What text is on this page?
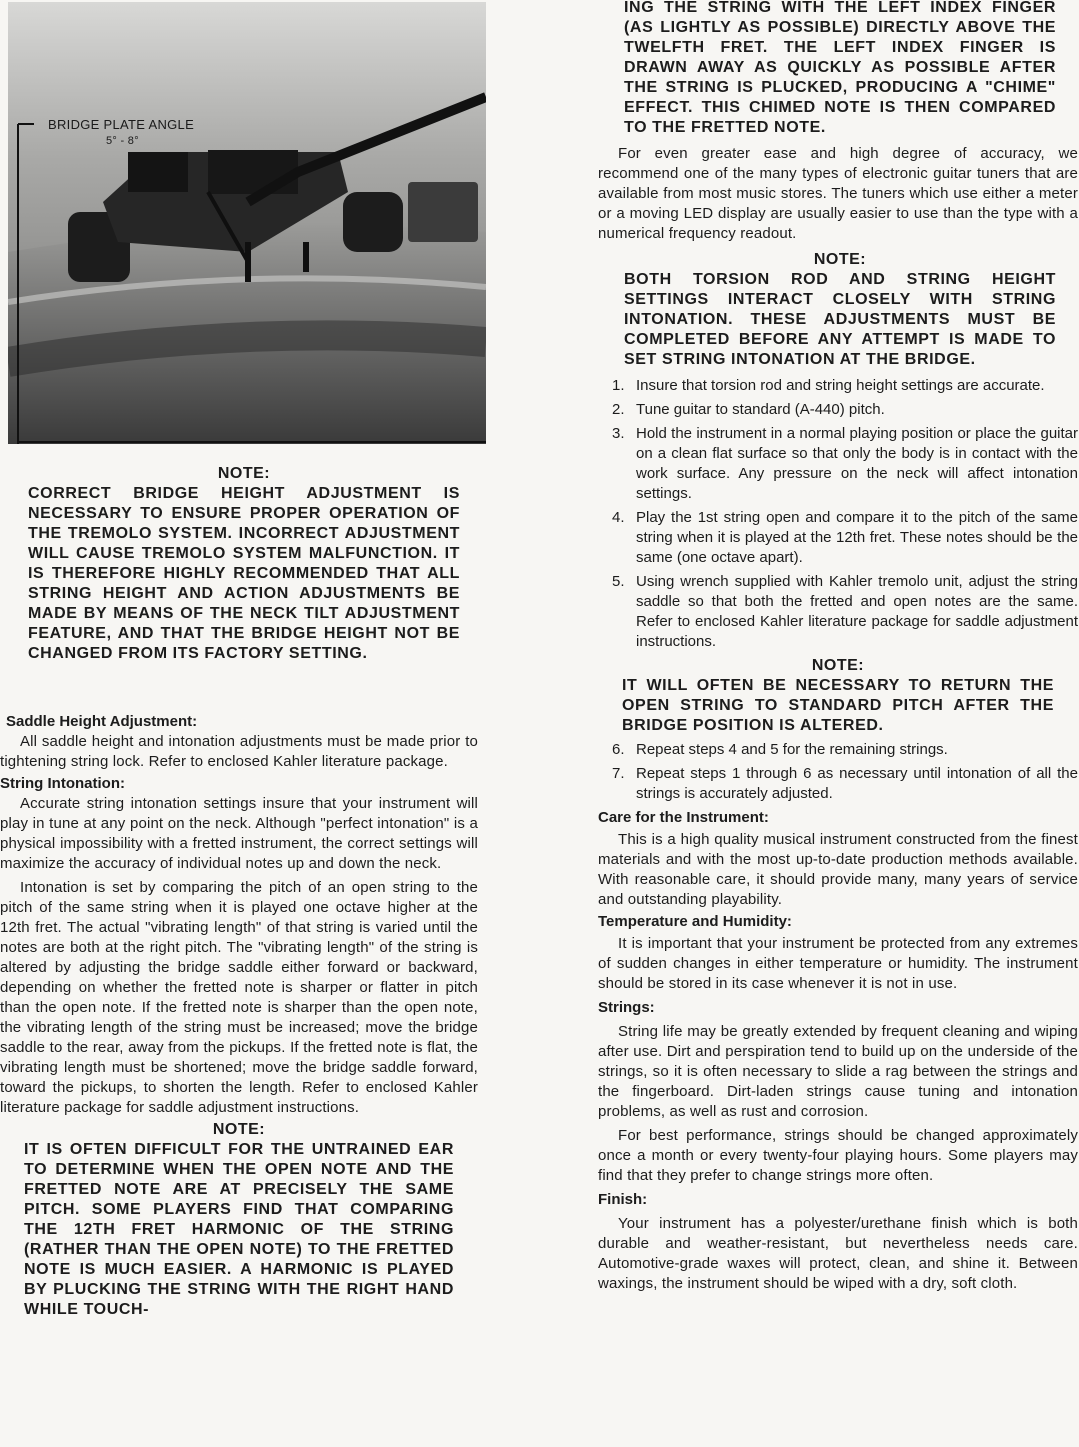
BRIDGE PLATE ANGLE
5° - 8°
NOTE:
CORRECT BRIDGE HEIGHT ADJUSTMENT IS NECESSARY TO ENSURE PROPER OPERATION OF THE TREMOLO SYSTEM. INCORRECT ADJUSTMENT WILL CAUSE TREMOLO SYSTEM MALFUNCTION. IT IS THEREFORE HIGHLY RECOMMENDED THAT ALL STRING HEIGHT AND ACTION ADJUSTMENTS BE MADE BY MEANS OF THE NECK TILT ADJUSTMENT FEATURE, AND THAT THE BRIDGE HEIGHT NOT BE CHANGED FROM ITS FACTORY SETTING.
Saddle Height Adjustment:

All saddle height and intonation adjustments must be made prior to tightening string lock. Refer to enclosed Kahler literature package.

String Intonation:

Accurate string intonation settings insure that your instrument will play in tune at any point on the neck. Although "perfect intonation" is a physical impossibility with a fretted instrument, the correct settings will maximize the accuracy of individual notes up and down the neck.

Intonation is set by comparing the pitch of an open string to the pitch of the same string when it is played one octave higher at the 12th fret. The actual "vibrating length" of that string is varied until the notes are both at the right pitch. The "vibrating length" of the string is altered by adjusting the bridge saddle either forward or backward, depending on whether the fretted note is sharper or flatter in pitch than the open note. If the fretted note is sharper than the open note, the vibrating length of the string must be increased; move the bridge saddle to the rear, away from the pickups. If the fretted note is flat, the vibrating length must be shortened; move the bridge saddle forward, toward the pickups, to shorten the length. Refer to enclosed Kahler literature package for saddle adjustment instructions.

NOTE:
IT IS OFTEN DIFFICULT FOR THE UNTRAINED EAR TO DETERMINE WHEN THE OPEN NOTE AND THE FRETTED NOTE ARE AT PRECISELY THE SAME PITCH. SOME PLAYERS FIND THAT COMPARING THE 12TH FRET HARMONIC OF THE STRING (RATHER THAN THE OPEN NOTE) TO THE FRETTED NOTE IS MUCH EASIER. A HARMONIC IS PLAYED BY PLUCKING THE STRING WITH THE RIGHT HAND WHILE TOUCH-
ING THE STRING WITH THE LEFT INDEX FINGER (AS LIGHTLY AS POSSIBLE) DIRECTLY ABOVE THE TWELFTH FRET. THE LEFT INDEX FINGER IS DRAWN AWAY AS QUICKLY AS POSSIBLE AFTER THE STRING IS PLUCKED, PRODUCING A "CHIME" EFFECT. THIS CHIMED NOTE IS THEN COMPARED TO THE FRETTED NOTE.

For even greater ease and high degree of accuracy, we recommend one of the many types of electronic guitar tuners that are available from most music stores. The tuners which use either a meter or a moving LED display are usually easier to use than the type with a numerical frequency readout.

NOTE:
BOTH TORSION ROD AND STRING HEIGHT SETTINGS INTERACT CLOSELY WITH STRING INTONATION. THESE ADJUSTMENTS MUST BE COMPLETED BEFORE ANY ATTEMPT IS MADE TO SET STRING INTONATION AT THE BRIDGE.
1. Insure that torsion rod and string height settings are accurate.
2. Tune guitar to standard (A-440) pitch.
3. Hold the instrument in a normal playing position or place the guitar on a clean flat surface so that only the body is in contact with the work surface. Any pressure on the neck will affect intonation settings.
4. Play the 1st string open and compare it to the pitch of the same string when it is played at the 12th fret. These notes should be the same (one octave apart).
5. Using wrench supplied with Kahler tremolo unit, adjust the string saddle so that both the fretted and open notes are the same. Refer to enclosed Kahler literature package for saddle adjustment instructions.
NOTE:
IT WILL OFTEN BE NECESSARY TO RETURN THE OPEN STRING TO STANDARD PITCH AFTER THE BRIDGE POSITION IS ALTERED.
6. Repeat steps 4 and 5 for the remaining strings.
7. Repeat steps 1 through 6 as necessary until intonation of all the strings is accurately adjusted.
Care for the Instrument:

This is a high quality musical instrument constructed from the finest materials and with the most up-to-date production methods available. With reasonable care, it should provide many, many years of service and outstanding playability.

Temperature and Humidity:

It is important that your instrument be protected from any extremes of sudden changes in either temperature or humidity. The instrument should be stored in its case whenever it is not in use.

Strings:

String life may be greatly extended by frequent cleaning and wiping after use. Dirt and perspiration tend to build up on the underside of the strings, so it is often necessary to slide a rag between the strings and the fingerboard. Dirt-laden strings cause tuning and intonation problems, as well as rust and corrosion.

For best performance, strings should be changed approximately once a month or every twenty-four playing hours. Some players may find that they prefer to change strings more often.

Finish:

Your instrument has a polyester/urethane finish which is both durable and weather-resistant, but nevertheless needs care. Automotive-grade waxes will protect, clean, and shine it. Between waxings, the instrument should be wiped with a dry, soft cloth.
